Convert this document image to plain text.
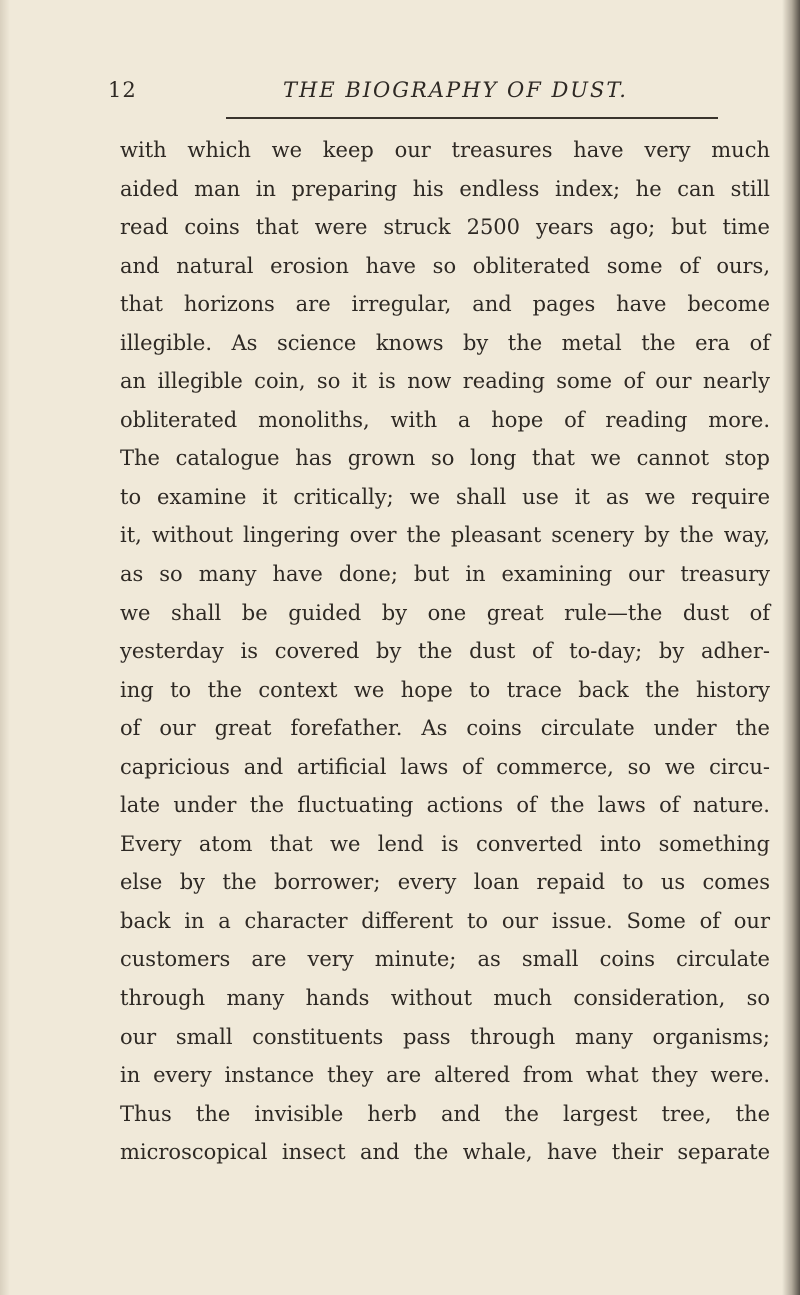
12	THE BIOGRAPHY OF DUST.
with which we keep our treasures have very much
aided man in preparing his endless index; he can still
read coins that were struck 2500 years ago; but time
and natural erosion have so obliterated some of ours,
that horizons are irregular, and pages have become
illegible. As science knows by the metal the era of
an illegible coin, so it is now reading some of our nearly
obliterated monoliths, with a hope of reading more.
The catalogue has grown so long that we cannot stop
to examine it critically; we shall use it as we require
it, without lingering over the pleasant scenery by the way,
as so many have done; but in examining our treasury
we shall be guided by one great rule—the dust of
yesterday is covered by the dust of to-day; by adher-
ing to the context we hope to trace back the history
of our great forefather. As coins circulate under the
capricious and artificial laws of commerce, so we circu-
late under the fluctuating actions of the laws of nature.
Every atom that we lend is converted into something
else by the borrower; every loan repaid to us comes
back in a character different to our issue. Some of our
customers are very minute; as small coins circulate
through many hands without much consideration, so
our small constituents pass through many organisms;
in every instance they are altered from what they were.
Thus the invisible herb and the largest tree, the
microscopical insect and the whale, have their separate
